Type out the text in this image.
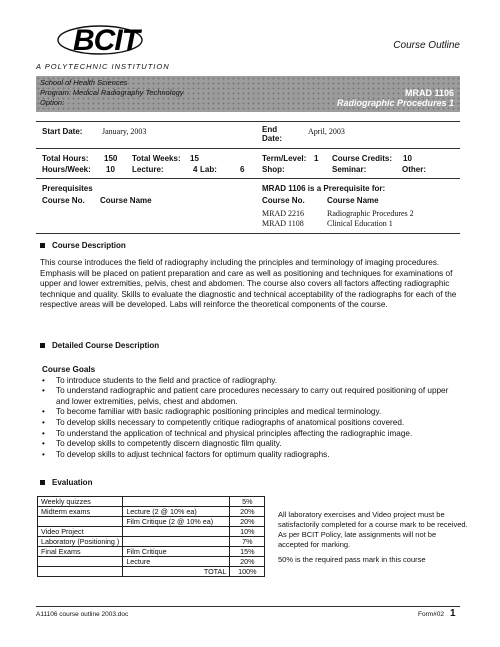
BCIT
A POLYTECHNIC INSTITUTION
Course Outline
School of Health Sciences
Program: Medical Radiography Technology
Option:
MRAD 1106
Radiographic Procedures 1
Start Date: January, 2003	End
Date:
April, 2003
Total Hours: 150 Total Weeks: 15	Term/Level: 1 Course Credits: 10
Hours/Week: 10 Lecture:	4 Lab:	6 Shop:	Seminar:	Other:
Prerequisites
Course No. Course Name
MRAD 1106 is a Prerequisite for:
Course No.	Course Name
MRAD 2216	Radiographic Procedures 2
MRAD 1108	Clinical Education 1
Course Description
This course introduces the field of radiography including the principles and terminology of imaging procedures. Emphasis will be placed on patient preparation and care as well as positioning and techniques for examinations of upper and lower extremities, pelvis, chest and abdomen. The course also covers all factors affecting radiographic technique and quality. Skills to evaluate the diagnostic and technical acceptability of the radiographs for each of the respective areas will be developed. Labs will reinforce the theoretical components of the course.
Detailed Course Description
Course Goals
• To introduce students to the field and practice of radiography.
• To understand radiographic and patient care procedures necessary to carry out required positioning of upper and lower extremities, pelvis, chest and abdomen.
• To become familiar with basic radiographic positioning principles and medical terminology.
• To develop skills necessary to competently critique radiographs of anatomical positions covered.
• To understand the application of technical and physical principles affecting the radiographic image.
• To develop skills to competently discern diagnostic film quality.
• To develop skills to adjust technical factors for optimum quality radiographs.
Evaluation
Weekly quizzes		5%
Midterm exams	Lecture (2 @ 10% ea)	20%
	Film Critique (2 @ 10% ea)	20%
Video Project		10%
Laboratory (Positioning )		7%
Final Exams	Film Critique	15%
	Lecture	20%
	TOTAL	100%
All laboratory exercises and Video project must be satisfactorily completed for a course mark to be received. As per BCIT Policy, late assignments will not be accepted for marking.
50% is the required pass mark in this course
A11106 course outline 2003.doc	Form#02 1
